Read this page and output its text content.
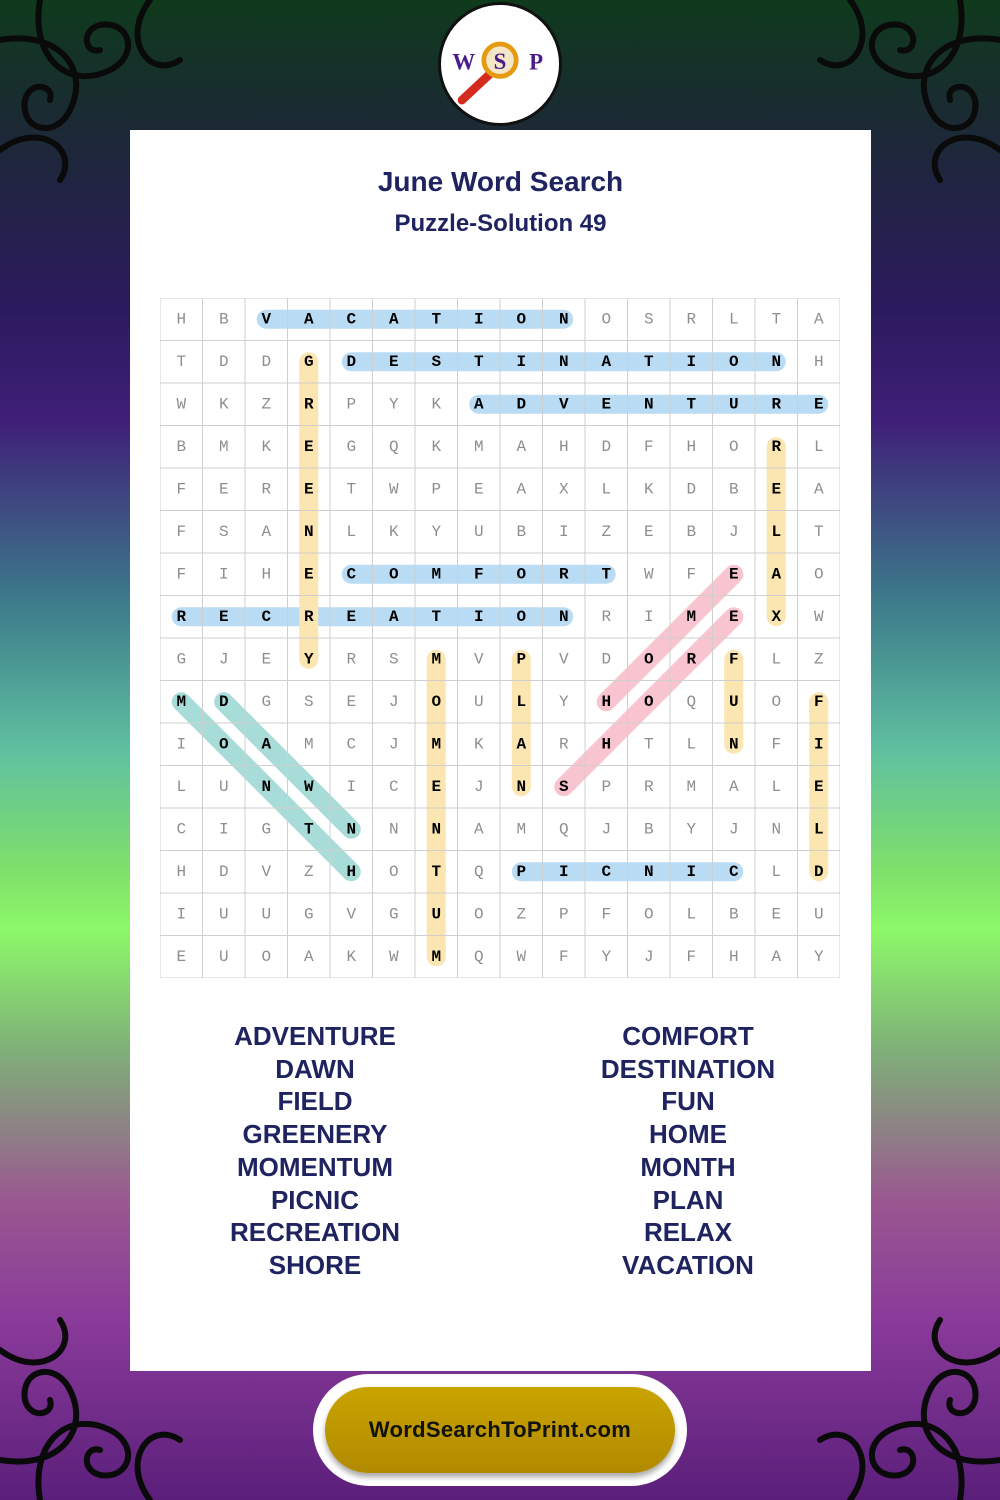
W S P
June Word Search
Puzzle-Solution 49
H B V A C A T I O N O S R L T A
T D D G D E S T I N A T I O N H
W K Z R P Y K A D V E N T U R E
B M K E G Q K M A H D F H O R L
F E R E T W P E A X L K D B E A
F S A N L K Y U B I Z E B J L T
F I H E C O M F O R T W F E A O
R E C R E A T I O N R I M E X W
G J E Y R S M V P V D O R F L Z
M D G S E J O U L Y H O Q U O F
I O A M C J M K A R H T L N F I
L U N W I C E J N S P R M A L E
C I G T N N N A M Q J B Y J N L
H D V Z H O T Q P I C N I C L D
I U U G V G U O Z P F O L B E U
E U O A K W M Q W F Y J F H A Y
ADVENTURE
DAWN
FIELD
GREENERY
MOMENTUM
PICNIC
RECREATION
SHORE
COMFORT
DESTINATION
FUN
HOME
MONTH
PLAN
RELAX
VACATION
WordSearchToPrint.com
